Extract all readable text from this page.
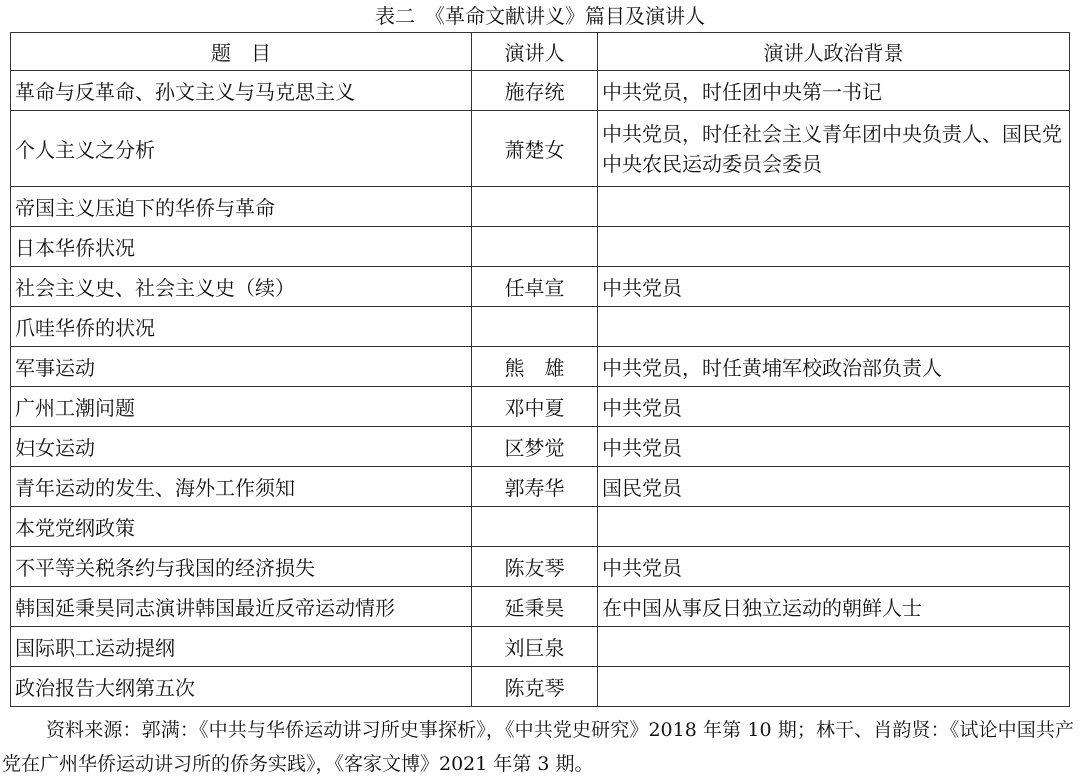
表二　《革命文献讲义》篇目及演讲人
题　目	演讲人	演讲人政治背景
革命与反革命、孙文主义与马克思主义	施存统	中共党员，时任团中央第一书记
个人主义之分析	萧楚女	中共党员，时任社会主义青年团中央负责人、国民党中央农民运动委员会委员
帝国主义压迫下的华侨与革命		
日本华侨状况		
社会主义史、社会主义史（续）	任卓宣	中共党员
爪哇华侨的状况		
军事运动	熊　雄	中共党员，时任黄埔军校政治部负责人
广州工潮问题	邓中夏	中共党员
妇女运动	区梦觉	中共党员
青年运动的发生、海外工作须知	郭寿华	国民党员
本党党纲政策		
不平等关税条约与我国的经济损失	陈友琴	中共党员
韩国延秉昊同志演讲韩国最近反帝运动情形	延秉昊	在中国从事反日独立运动的朝鲜人士
国际职工运动提纲	刘巨泉	
政治报告大纲第五次	陈克琴	
资料来源：郭满：《中共与华侨运动讲习所史事探析》，《中共党史研究》2018 年第 10 期；林干、肖韵贤：《试论中国共产党在广州华侨运动讲习所的侨务实践》，《客家文博》2021 年第 3 期。
